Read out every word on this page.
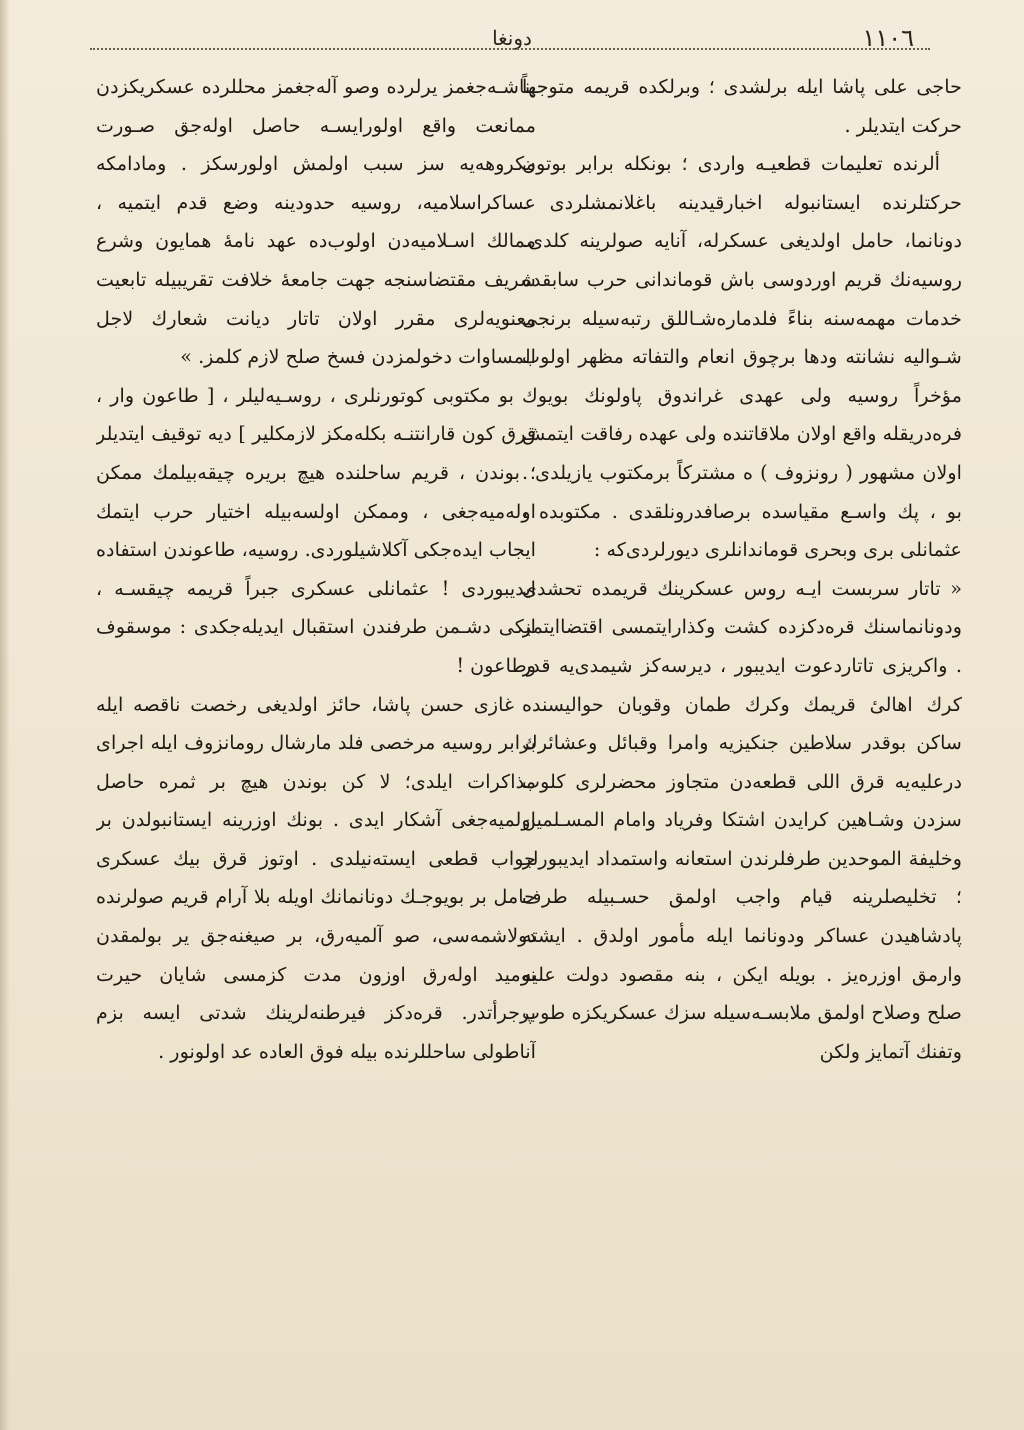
١١٠٦
دونغا

حاجی علی پاشا ایله برلشدی ؛ وبرلكده قریمه متوجهاً حركت ایتدیلر .

ألرنده تعلیمات قطعیـه واردی ؛ بونكله برابر بوتون حركتلرنده ایستانبوله اخبارقیدینه باغلانمشلردی . دونانما، حامل اولدیغی عسكرله، آنایه صولرینه كلدی. روسیه‌نك قریم اوردوسی باش قوماندانی حرب سابقده خدمات مهمه‌سنه بناءً فلدمارەشـاللق رتبه‌سیله برنجی شـوالیه نشانته ودها برچوق انعام والتفاته مظهر اولوب مؤخراً روسیه ولی عهدی غراندوق پاولونك بویوك فرەدریقله واقع اولان ملاقاتنده ولی عهده رفاقت ایتمش اولان مشهور ( رونزوف ) ه مشتركاً برمكتوب یازیلدی . بو ، پك واسـع مقیاسده برصافدرونلقدی . مكتوبده ، عثمانلی بری وبحری قوماندانلری دیورلردی‌كه :

« تاتار سربست ایـه روس عسكرینك قریمده تحشدی ودونانماسنك قره‌دكزده كشت وكذارایتمسی اقتضاایتمز . واكریزی تاتاردعوت ایدیبور ، دیرسه‌كز شیمدی‌یه قدر كرك اهالیٔ قریمك وكرك طمان وقوبان حوالیسنده ساكن بوقدر سلاطین جنكیزیه وامرا وقبائل وعشائرك درعلیه‌یه قرق اللی قطعه‌دن متجاوز محضرلری كلوب سزدن وشـاهین كرایدن اشتكا وفریاد وامام المسـلمین وخلیفة الموحدین طرفلرندن استعانه واستمداد ایدیبورلر ؛ تخلیصلرینه قیام واجب اولمق حسـبیله طرف پادشاهیدن عساكر ودونانما ایله مأمور اولدق . ایشته وارمق اوزره‌یز . بویله ایكن ، بنه مقصود دولت علیه صلح وصلاح اولمق ملابسـه‌سیله سزك عسكریكزه طوپ وتفنك آتمایز ولكن

یناشـه‌جغمز یرلرده وصو آله‌جغمز محللرده عسكریكزدن ممانعت واقع اولورایسـه حاصل اوله‌جق صـورت مكروهه‌یه سز سبب اولمش اولورسكز . ومادامكه عساكراسلامیه، روسیه حدودینه وضع قدم ایتمیه ، ممالك اسـلامیه‌دن اولوب‌ده عهد نامهٔ همایون وشرع شریف مقتضاسنجه جهت جامعهٔ خلافت تقریبیله تابعیت معنویه‌لری مقرر اولان تاتار دیانت شعارك لاجل المساوات دخولمزدن فسخ صلح لازم كلمز. »

بو مكتوبی كوتورنلری ، روسـیه‌لیلر ، [ طاعون وار ، قرق كون قارانتنـه بكله‌مكز لازمكلیر ] دیه توقیف ایتدیلر ؛ بوندن ، قریم ساحلنده هیچ بریره چیقه‌بیلمك ممكن اوله‌میه‌جغی ، وممكن اولسه‌بیله اختیار حرب ایتمك ایجاب ایده‌جكی آكلاشیلوردی. روسیه، طاعوندن استفاده ایدیبوردی ! عثمانلی عسكری جبراً قریمه چیقسـه ، ایكی دشـمن طرفندن استقبال ایدیله‌جكدی : موسقوف وطاعون !

غازی حسن پاشا، حائز اولدیغی رخصت ناقصه ایله برابر روسیه مرخصی فلد مارشال رومانزوف ایله اجرای مذاكرات ایلدی؛ لا كن بوندن هیچ بر ثمره حاصل اولمیه‌جغی آشكار ایدی . بونك اوزرینه ایستانبولدن بر جواب قطعی ایسته‌نیلدی . اوتوز قرق بیك عسكری حامل بر بویوجـك دونانمانك اویله بلا آرام قریم صولرنده دولاشمه‌سی، صو آلمیه‌رق، بر صیغنه‌جق یر بولمقدن نومید اوله‌رق اوزون مدت كزمسی شایان حیرت برجرأتدر. قره‌دكز فیرطنه‌لرینك شدتی ایسه بزم آناطولی ساحللرنده بیله فوق العاده عد اولونور .
